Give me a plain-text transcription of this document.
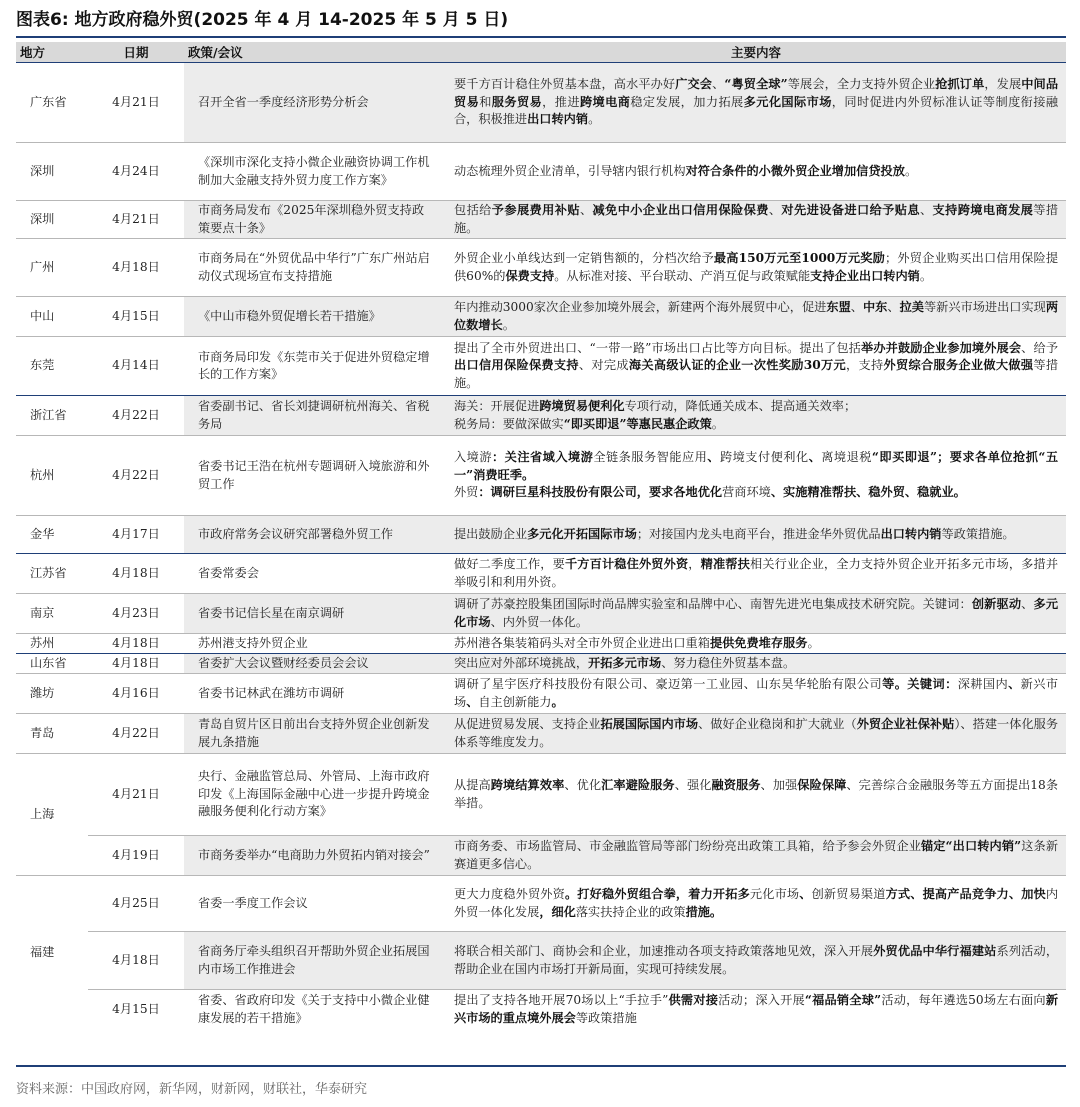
图表6: 地方政府稳外贸(2025 年 4 月 14-2025 年 5 月 5 日)
地方	日期	政策/会议	主要内容
广东省	4月21日	召开全省一季度经济形势分析会	要千方百计稳住外贸基本盘，高水平办好广交会、“粤贸全球”等展会，全力支持外贸企业抢抓订单，发展中间品贸易和服务贸易，推进跨境电商稳定发展，加力拓展多元化国际市场，同时促进内外贸标准认证等制度衔接融合，积极推进出口转内销。
深圳	4月24日	《深圳市深化支持小微企业融资协调工作机制加大金融支持外贸力度工作方案》	动态梳理外贸企业清单，引导辖内银行机构对符合条件的小微外贸企业增加信贷投放。
深圳	4月21日	市商务局发布《2025年深圳稳外贸支持政策要点十条》	包括给予参展费用补贴、减免中小企业出口信用保险保费、对先进设备进口给予贴息、支持跨境电商发展等措施。
广州	4月18日	市商务局在“外贸优品中华行”广东广州站启动仪式现场宣布支持措施	外贸企业小单线达到一定销售额的，分档次给予最高150万元至1000万元奖励；外贸企业购买出口信用保险提供60%的保费支持。从标准对接、平台联动、产消互促与政策赋能支持企业出口转内销。
中山	4月15日	《中山市稳外贸促增长若干措施》	年内推动3000家次企业参加境外展会，新建两个海外展贸中心，促进东盟、中东、拉美等新兴市场进出口实现两位数增长。
东莞	4月14日	市商务局印发《东莞市关于促进外贸稳定增长的工作方案》	提出了全市外贸进出口、“一带一路”市场出口占比等方向目标。提出了包括举办并鼓励企业参加境外展会、给予出口信用保险保费支持、对完成海关高级认证的企业一次性奖励30万元，支持外贸综合服务企业做大做强等措施。
浙江省	4月22日	省委副书记、省长刘捷调研杭州海关、省税务局	海关：开展促进跨境贸易便利化专项行动，降低通关成本、提高通关效率；
税务局：要做深做实“即买即退”等惠民惠企政策。
杭州	4月22日	省委书记王浩在杭州专题调研入境旅游和外贸工作	入境游：关注省域入境游全链条服务智能应用、跨境支付便利化、离境退税“即买即退”；要求各单位抢抓“五一”消费旺季。
外贸：调研巨星科技股份有限公司，要求各地优化营商环境、实施精准帮扶、稳外贸、稳就业。
金华	4月17日	市政府常务会议研究部署稳外贸工作	提出鼓励企业多元化开拓国际市场；对接国内龙头电商平台，推进金华外贸优品出口转内销等政策措施。
江苏省	4月18日	省委常委会	做好二季度工作，要千方百计稳住外贸外资，精准帮扶相关行业企业，全力支持外贸企业开拓多元市场，多措并举吸引和利用外资。
南京	4月23日	省委书记信长星在南京调研	调研了苏豪控股集团国际时尚品牌实验室和品牌中心、南智先进光电集成技术研究院。关键词：创新驱动、多元化市场、内外贸一体化。
苏州	4月18日	苏州港支持外贸企业	苏州港各集装箱码头对全市外贸企业进出口重箱提供免费堆存服务。
山东省	4月18日	省委扩大会议暨财经委员会会议	突出应对外部环境挑战，开拓多元市场、努力稳住外贸基本盘。
潍坊	4月16日	省委书记林武在潍坊市调研	调研了星宇医疗科技股份有限公司、豪迈第一工业园、山东昊华轮胎有限公司等。关键词：深耕国内、新兴市场、自主创新能力。
青岛	4月22日	青岛自贸片区日前出台支持外贸企业创新发展九条措施	从促进贸易发展、支持企业拓展国际国内市场、做好企业稳岗和扩大就业（外贸企业社保补贴）、搭建一体化服务体系等维度发力。
上海	4月21日	央行、金融监管总局、外管局、上海市政府印发《上海国际金融中心进一步提升跨境金融服务便利化行动方案》	从提高跨境结算效率、优化汇率避险服务、强化融资服务、加强保险保障、完善综合金融服务等五方面提出18条举措。
	4月19日	市商务委举办“电商助力外贸拓内销对接会”	市商务委、市场监管局、市金融监管局等部门纷纷亮出政策工具箱，给予参会外贸企业锚定“出口转内销”这条新赛道更多信心。
福建	4月25日	省委一季度工作会议	更大力度稳外贸外资。打好稳外贸组合拳，着力开拓多元化市场、创新贸易渠道方式、提高产品竞争力、加快内外贸一体化发展，细化落实扶持企业的政策措施。
	4月18日	省商务厅牵头组织召开帮助外贸企业拓展国内市场工作推进会	将联合相关部门、商协会和企业，加速推动各项支持政策落地见效，深入开展外贸优品中华行福建站系列活动，帮助企业在国内市场打开新局面，实现可持续发展。
	4月15日	省委、省政府印发《关于支持中小微企业健康发展的若干措施》	提出了支持各地开展70场以上“手拉手”供需对接活动；深入开展“福品销全球”活动，每年遴选50场左右面向新兴市场的重点境外展会等政策措施
资料来源：中国政府网，新华网，财新网，财联社，华泰研究
